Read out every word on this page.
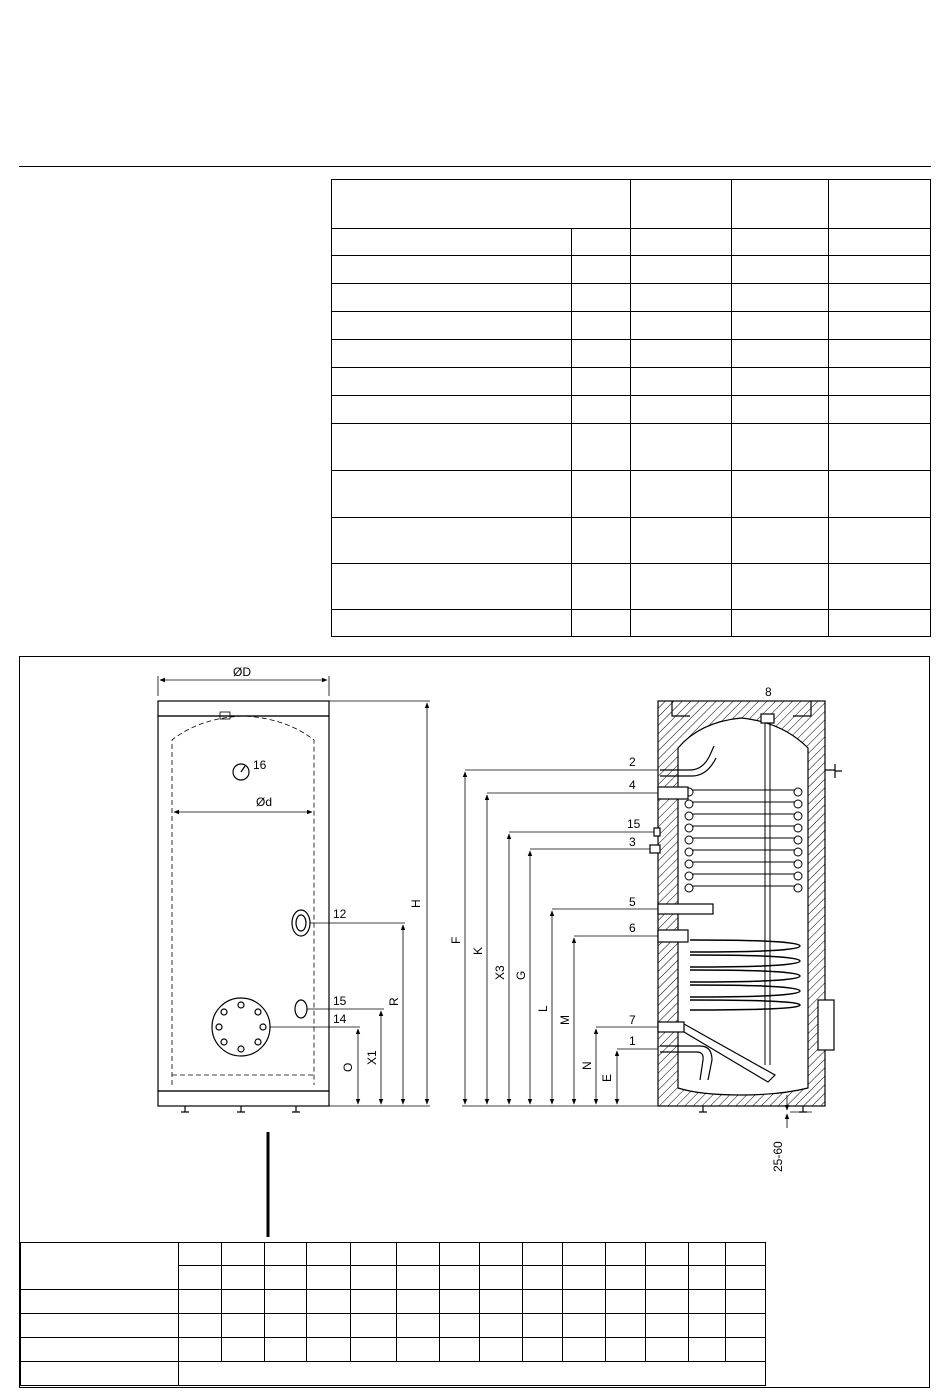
ØD
Ød
16
12
15
14
H
R
X1
O
8
2
4
15
3
5
6
7
1
F
K
X3 G
L
M
N
E
25-60
